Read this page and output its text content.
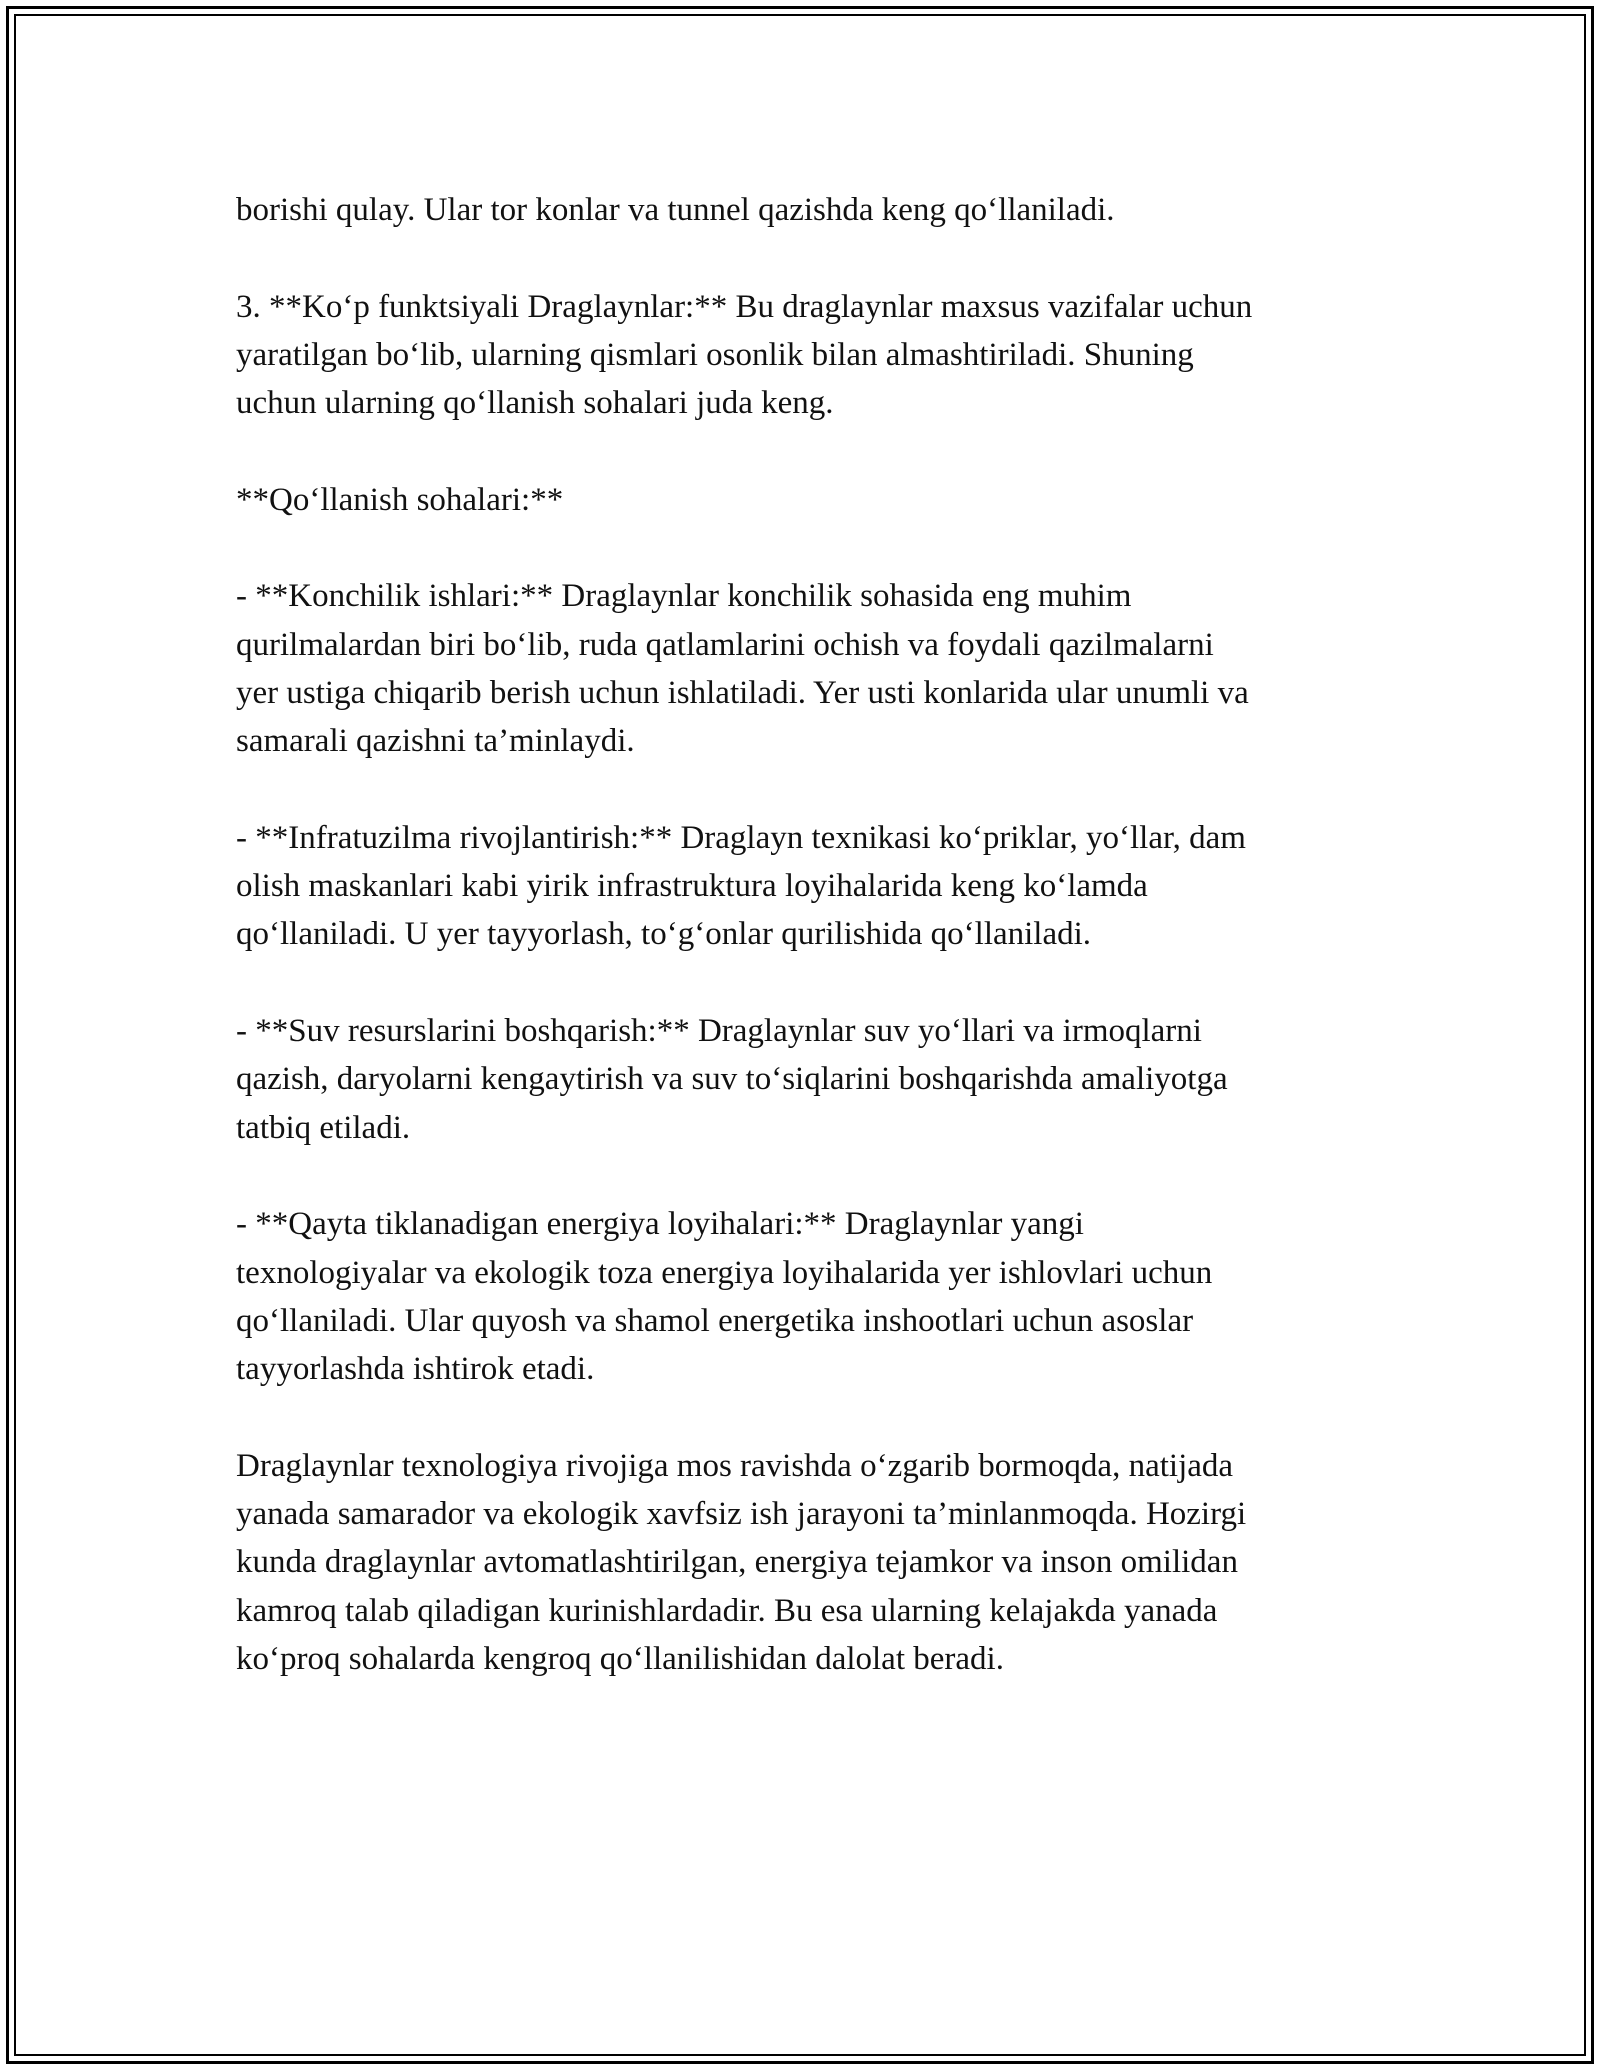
borishi qulay. Ular tor konlar va tunnel qazishda keng qo‘llaniladi.

3. **Ko‘p funktsiyali Draglaynlar:** Bu draglaynlar maxsus vazifalar uchun
yaratilgan bo‘lib, ularning qismlari osonlik bilan almashtiriladi. Shuning
uchun ularning qo‘llanish sohalari juda keng.

**Qo‘llanish sohalari:**

- **Konchilik ishlari:** Draglaynlar konchilik sohasida eng muhim
qurilmalardan biri bo‘lib, ruda qatlamlarini ochish va foydali qazilmalarni
yer ustiga chiqarib berish uchun ishlatiladi. Yer usti konlarida ular unumli va
samarali qazishni ta’minlaydi.

- **Infratuzilma rivojlantirish:** Draglayn texnikasi ko‘priklar, yo‘llar, dam
olish maskanlari kabi yirik infrastruktura loyihalarida keng ko‘lamda
qo‘llaniladi. U yer tayyorlash, to‘g‘onlar qurilishida qo‘llaniladi.

- **Suv resurslarini boshqarish:** Draglaynlar suv yo‘llari va irmoqlarni
qazish, daryolarni kengaytirish va suv to‘siqlarini boshqarishda amaliyotga
tatbiq etiladi.

- **Qayta tiklanadigan energiya loyihalari:** Draglaynlar yangi
texnologiyalar va ekologik toza energiya loyihalarida yer ishlovlari uchun
qo‘llaniladi. Ular quyosh va shamol energetika inshootlari uchun asoslar
tayyorlashda ishtirok etadi.

Draglaynlar texnologiya rivojiga mos ravishda o‘zgarib bormoqda, natijada
yanada samarador va ekologik xavfsiz ish jarayoni ta’minlanmoqda. Hozirgi
kunda draglaynlar avtomatlashtirilgan, energiya tejamkor va inson omilidan
kamroq talab qiladigan kurinishlardadir. Bu esa ularning kelajakda yanada
ko‘proq sohalarda kengroq qo‘llanilishidan dalolat beradi.
